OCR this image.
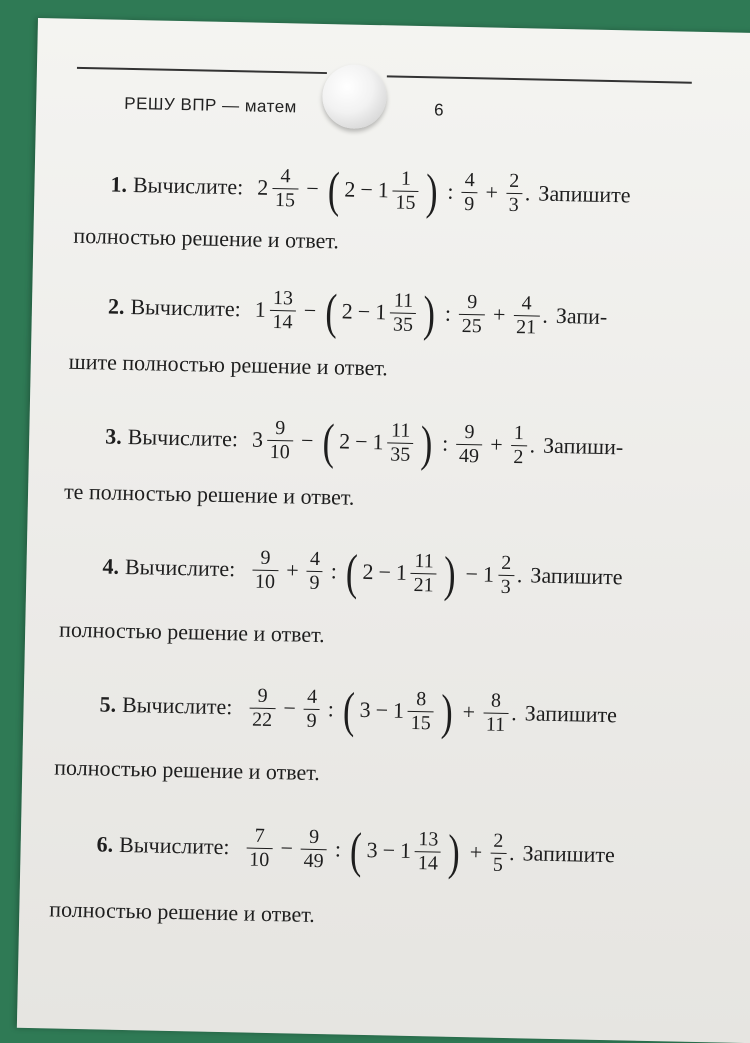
РЕШУ ВПР — матем	6
1. Вычислите: $2 \frac{4}{15}$ − ( $2 - 1 \frac{1}{15}$ ) : $\frac{4}{9} + \frac{2}{3}$ . Запишите
полностью решение и ответ.
2. Вычислите: $1 \frac{13}{14}$ − ( $2 - 1 \frac{11}{35}$ ) : $\frac{9}{25} + \frac{4}{21}$ . Запи-
шите полностью решение и ответ.
3. Вычислите: $3 \frac{9}{10}$ − ( $2 - 1 \frac{11}{35}$ ) : $\frac{9}{49} + \frac{1}{2}$ . Запиши-
те полностью решение и ответ.
4. Вычислите: $\frac{9}{10} + \frac{4}{9}$ : ( $2 - 1 \frac{11}{21}$ ) − $1 \frac{2}{3}$ . Запишите
полностью решение и ответ.
5. Вычислите: $\frac{9}{22} - \frac{4}{9}$ : ( $3 - 1 \frac{8}{15}$ ) + $\frac{8}{11}$ . Запишите
полностью решение и ответ.
6. Вычислите: $\frac{7}{10} - \frac{9}{49}$ : ( $3 - 1 \frac{13}{14}$ ) + $\frac{2}{5}$ . Запишите
полностью решение и ответ.
